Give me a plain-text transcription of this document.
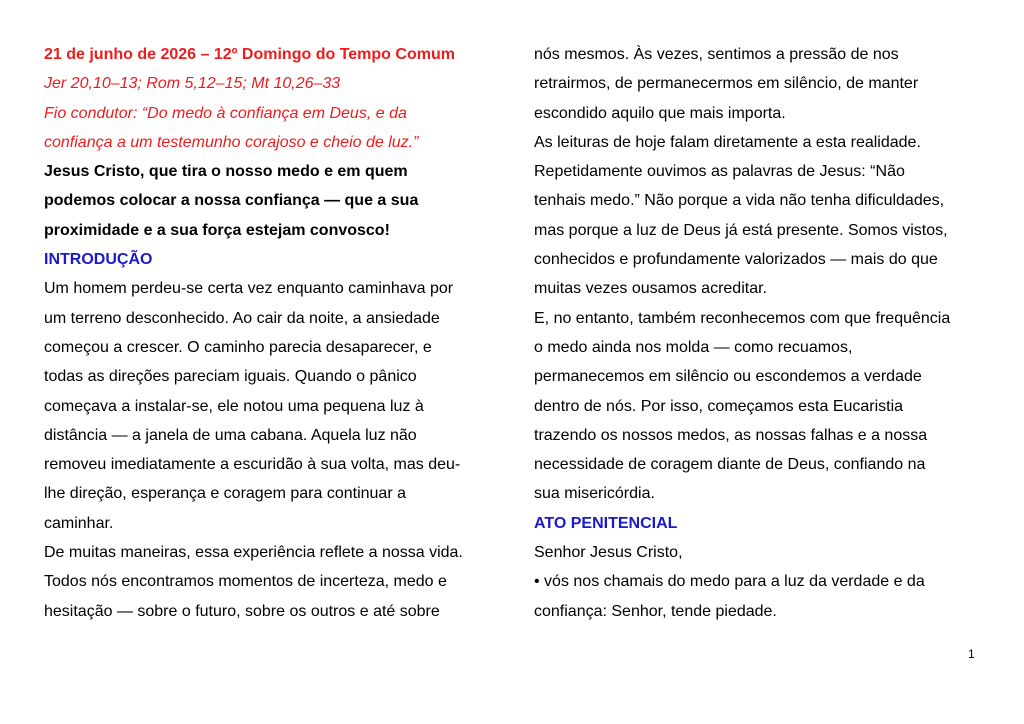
21 de junho de 2026 – 12º Domingo do Tempo Comum
Jer 20,10–13; Rom 5,12–15; Mt 10,26–33
Fio condutor: “Do medo à confiança em Deus, e da
confiança a um testemunho corajoso e cheio de luz.”
Jesus Cristo, que tira o nosso medo e em quem
podemos colocar a nossa confiança — que a sua
proximidade e a sua força estejam convosco!
INTRODUÇÃO
Um homem perdeu-se certa vez enquanto caminhava por
um terreno desconhecido. Ao cair da noite, a ansiedade
começou a crescer. O caminho parecia desaparecer, e
todas as direções pareciam iguais. Quando o pânico
começava a instalar-se, ele notou uma pequena luz à
distância — a janela de uma cabana. Aquela luz não
removeu imediatamente a escuridão à sua volta, mas deu-
lhe direção, esperança e coragem para continuar a
caminhar.
De muitas maneiras, essa experiência reflete a nossa vida.
Todos nós encontramos momentos de incerteza, medo e
hesitação — sobre o futuro, sobre os outros e até sobre
nós mesmos. Às vezes, sentimos a pressão de nos
retrairmos, de permanecermos em silêncio, de manter
escondido aquilo que mais importa.
As leituras de hoje falam diretamente a esta realidade.
Repetidamente ouvimos as palavras de Jesus: “Não
tenhais medo.” Não porque a vida não tenha dificuldades,
mas porque a luz de Deus já está presente. Somos vistos,
conhecidos e profundamente valorizados — mais do que
muitas vezes ousamos acreditar.
E, no entanto, também reconhecemos com que frequência
o medo ainda nos molda — como recuamos,
permanecemos em silêncio ou escondemos a verdade
dentro de nós. Por isso, começamos esta Eucaristia
trazendo os nossos medos, as nossas falhas e a nossa
necessidade de coragem diante de Deus, confiando na
sua misericórdia.
ATO PENITENCIAL
Senhor Jesus Cristo,
• vós nos chamais do medo para a luz da verdade e da
confiança: Senhor, tende piedade.
1
